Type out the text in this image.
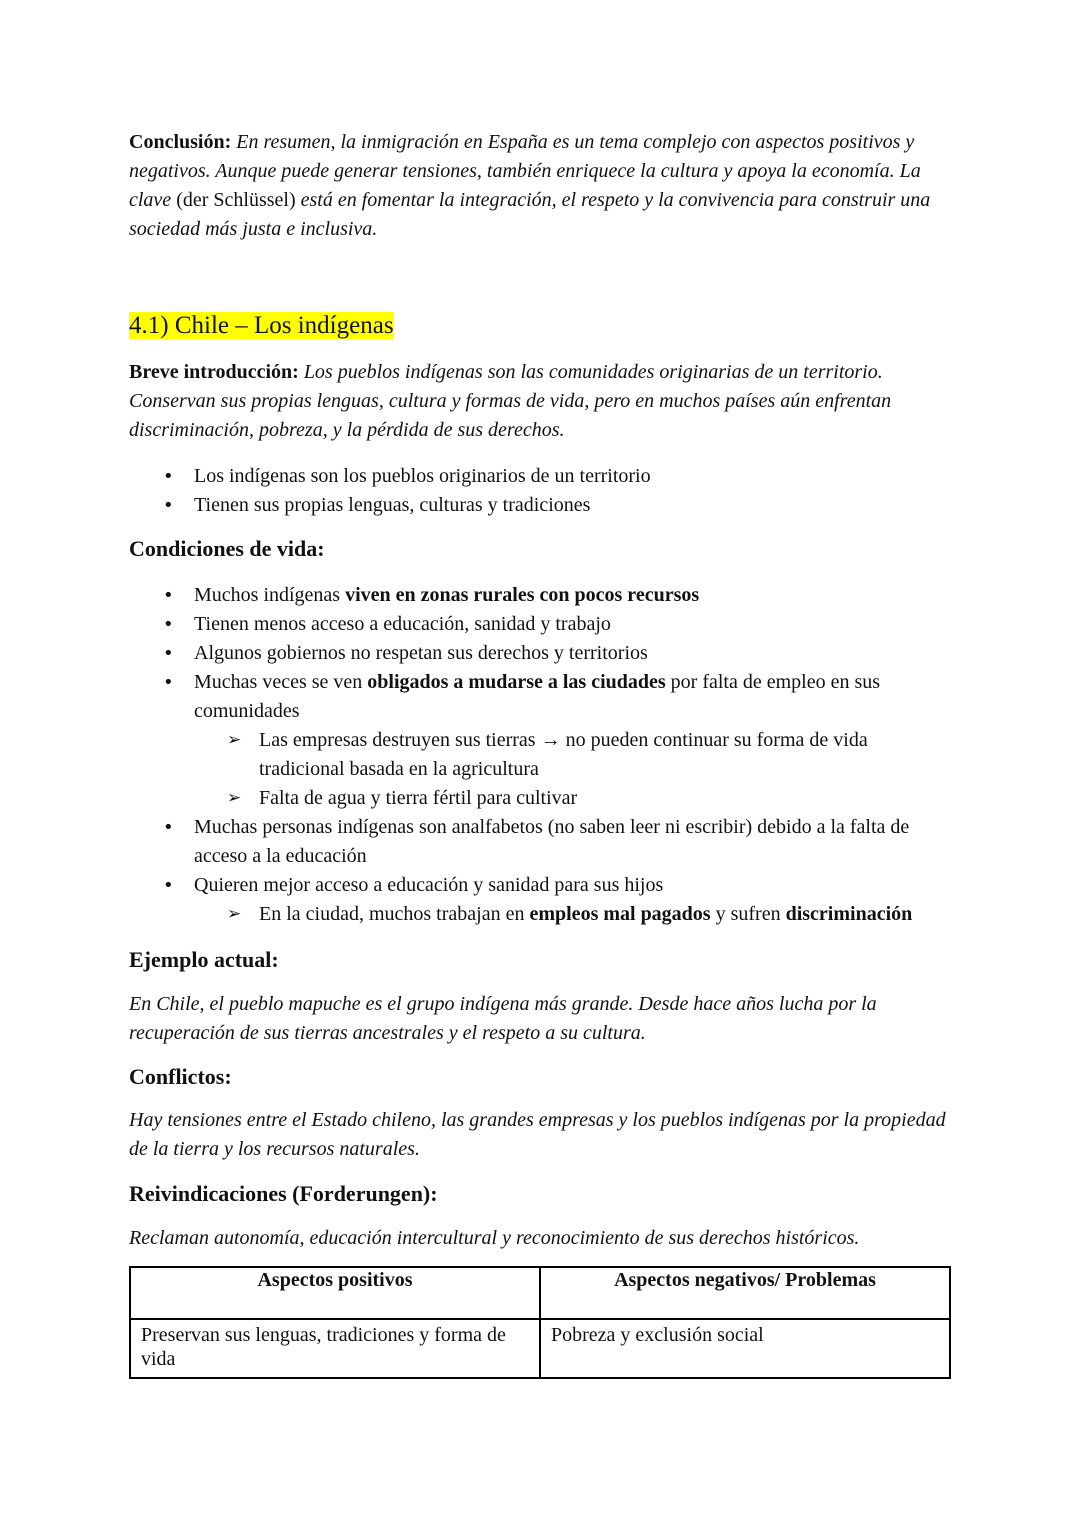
Conclusión: En resumen, la inmigración en España es un tema complejo con aspectos positivos y negativos. Aunque puede generar tensiones, también enriquece la cultura y apoya la economía. La clave (der Schlüssel) está en fomentar la integración, el respeto y la convivencia para construir una sociedad más justa e inclusiva.

4.1) Chile – Los indígenas

Breve introducción: Los pueblos indígenas son las comunidades originarias de un territorio. Conservan sus propias lenguas, cultura y formas de vida, pero en muchos países aún enfrentan discriminación, pobreza, y la pérdida de sus derechos.

• Los indígenas son los pueblos originarios de un territorio
• Tienen sus propias lenguas, culturas y tradiciones
Condiciones de vida:
• Muchos indígenas viven en zonas rurales con pocos recursos
• Tienen menos acceso a educación, sanidad y trabajo
• Algunos gobiernos no respetan sus derechos y territorios
• Muchas veces se ven obligados a mudarse a las ciudades por falta de empleo en sus comunidades
➢ Las empresas destruyen sus tierras → no pueden continuar su forma de vida tradicional basada en la agricultura
➢ Falta de agua y tierra fértil para cultivar
• Muchas personas indígenas son analfabetos (no saben leer ni escribir) debido a la falta de acceso a la educación
• Quieren mejor acceso a educación y sanidad para sus hijos
➢ En la ciudad, muchos trabajan en empleos mal pagados y sufren discriminación
Ejemplo actual:

En Chile, el pueblo mapuche es el grupo indígena más grande. Desde hace años lucha por la recuperación de sus tierras ancestrales y el respeto a su cultura.

Conflictos:

Hay tensiones entre el Estado chileno, las grandes empresas y los pueblos indígenas por la propiedad de la tierra y los recursos naturales.

Reivindicaciones (Forderungen):

Reclaman autonomía, educación intercultural y reconocimiento de sus derechos históricos.

Aspectos positivos	Aspectos negativos/ Problemas
Preservan sus lenguas, tradiciones y forma de vida	Pobreza y exclusión social
